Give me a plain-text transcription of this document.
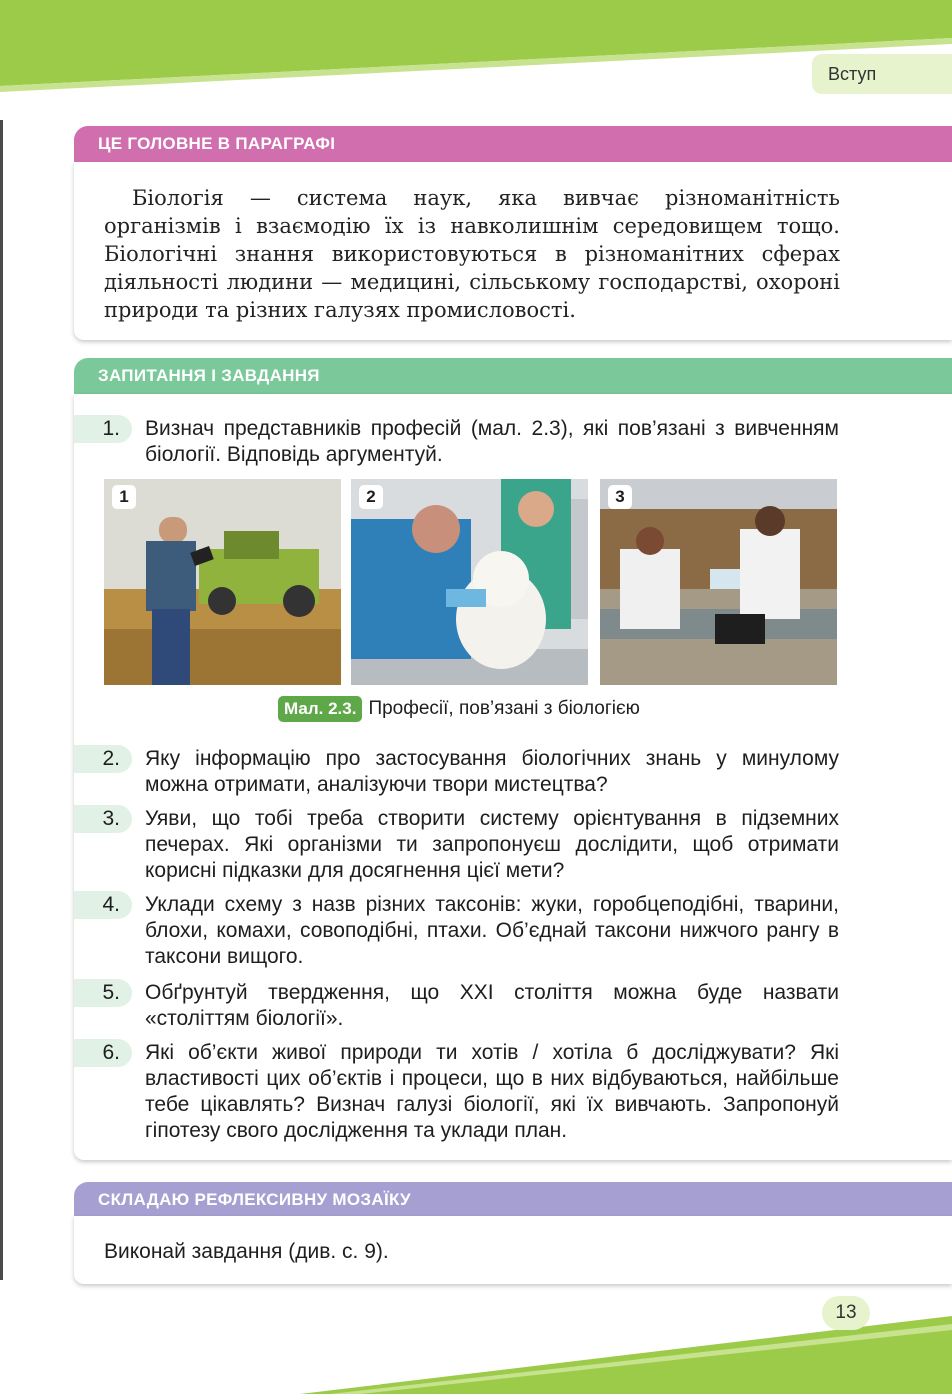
Вступ
ЦЕ ГОЛОВНЕ В ПАРАГРАФІ
Біологія — система наук, яка вивчає різноманітність організмів і взаємодію їх із навколишнім середовищем тощо. Біологічні знання використовуються в різноманітних сферах діяльності людини — медицині, сільському господарстві, охороні природи та різних галузях промисловості.
ЗАПИТАННЯ І ЗАВДАННЯ
1.	Визнач представників професій (мал. 2.3), які пов’язані з вивченням біології. Відповідь аргументуй.
1	2	3
Мал. 2.3. Професії, пов’язані з біологією
2.	Яку інформацію про застосування біологічних знань у минулому можна отримати, аналізуючи твори мистецтва?
3.	Уяви, що тобі треба створити систему орієнтування в підземних печерах. Які організми ти запропонуєш дослідити, щоб отримати корисні підказки для досягнення цієї мети?
4.	Уклади схему з назв різних таксонів: жуки, горобцеподібні, тварини, блохи, комахи, совоподібні, птахи. Об’єднай таксони нижчого рангу в таксони вищого.
5.	Обґрунтуй твердження, що XXI століття можна буде назвати «століттям біології».
6.	Які об’єкти живої природи ти хотів / хотіла б досліджувати? Які властивості цих об’єктів і процеси, що в них відбуваються, найбільше тебе цікавлять? Визнач галузі біології, які їх вивчають. Запропонуй гіпотезу свого дослідження та уклади план.
СКЛАДАЮ РЕФЛЕКСИВНУ МОЗАЇКУ
Виконай завдання (див. с. 9).
13
